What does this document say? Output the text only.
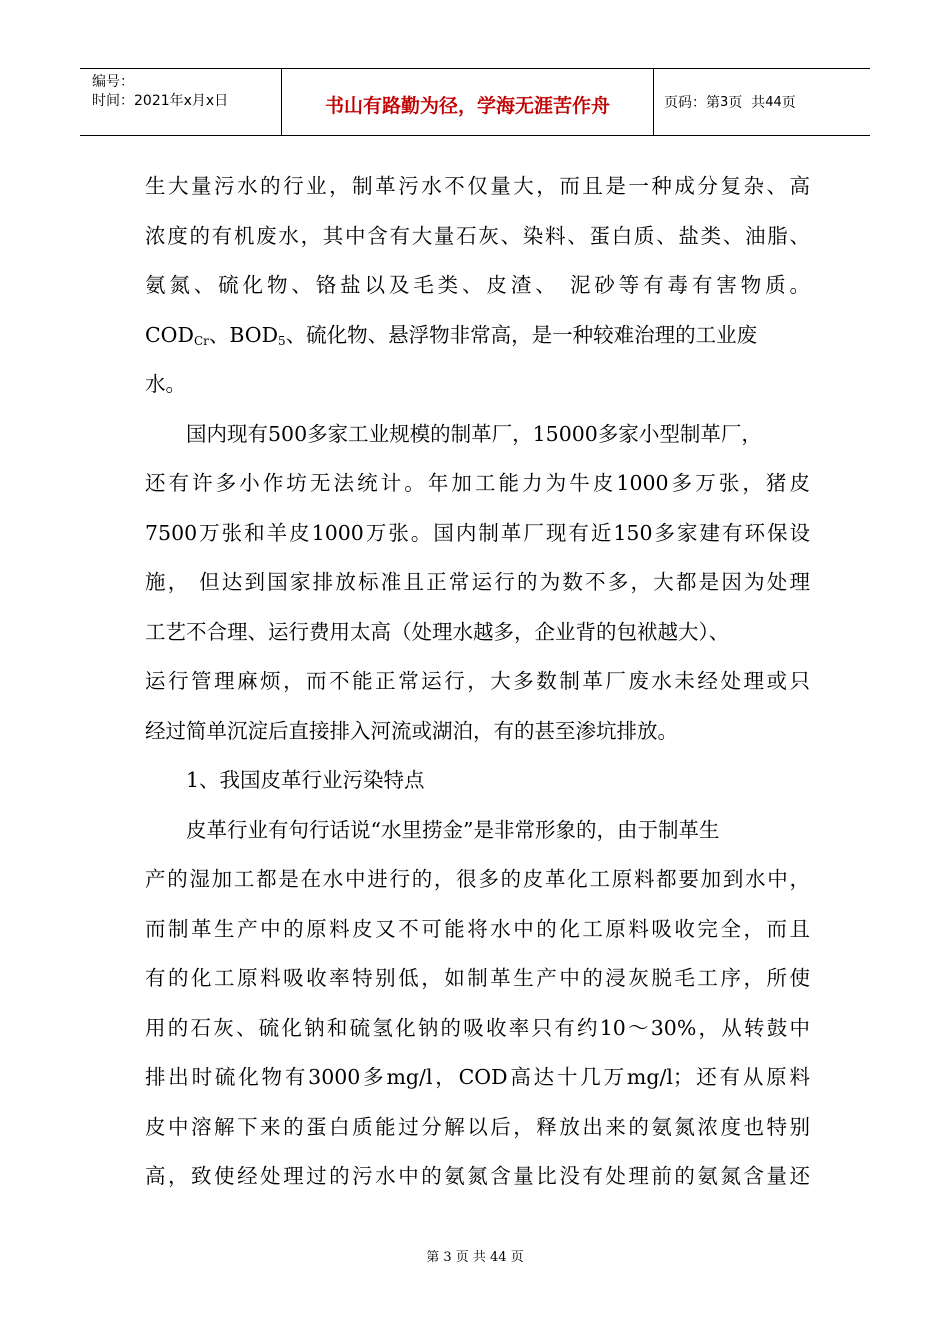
编号：
时间：2021年x月x日	书山有路勤为径，学海无涯苦作舟	页码：第 3 页  共 44 页
生大量污水的行业，制革污水不仅量大，而且是一种成分复杂、高
浓度的有机废水，其中含有大量石灰、染料、蛋白质、盐类、油脂、
氨氮、硫化物、铬盐以及毛类、皮渣、 泥砂等有毒有害物质。
$COD_{Cr}$、$BOD_5$、硫化物、悬浮物非常高，是一种较难治理的工业废
水。
国内现有500多家工业规模的制革厂，15000多家小型制革厂，
还有许多小作坊无法统计。年加工能力为牛皮1000多万张，猪皮
7500万张和羊皮1000万张。国内制革厂现有近150多家建有环保设
施， 但达到国家排放标准且正常运行的为数不多，大都是因为处理
工艺不合理、运行费用太高（处理水越多，企业背的包袱越大）、
运行管理麻烦，而不能正常运行，大多数制革厂废水未经处理或只
经过简单沉淀后直接排入河流或湖泊，有的甚至渗坑排放。
1、我国皮革行业污染特点
皮革行业有句行话说“水里捞金”是非常形象的，由于制革生
产的湿加工都是在水中进行的，很多的皮革化工原料都要加到水中，
而制革生产中的原料皮又不可能将水中的化工原料吸收完全，而且
有的化工原料吸收率特别低，如制革生产中的浸灰脱毛工序，所使
用的石灰、硫化钠和硫氢化钠的吸收率只有约10～30%，从转鼓中
排出时硫化物有3000多mg/l，COD高达十几万mg/l；还有从原料
皮中溶解下来的蛋白质能过分解以后，释放出来的氨氮浓度也特别
高，致使经处理过的污水中的氨氮含量比没有处理前的氨氮含量还
第 3 页 共 44 页
